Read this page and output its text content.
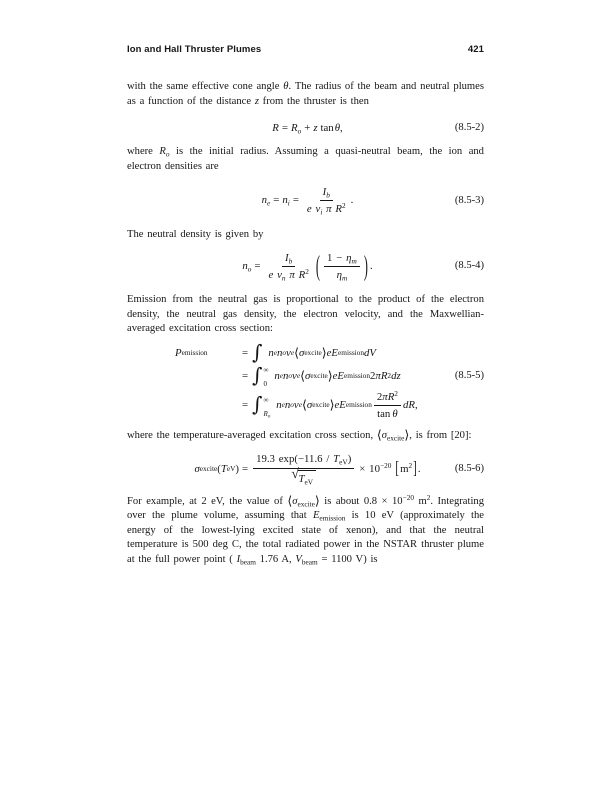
Ion and Hall Thruster Plumes	421

with the same effective cone angle θ. The radius of the beam and neutral plumes as a function of the distance z from the thruster is then

$R = R_o + z$ tan θ ,	(8.5-2)

where $R_o$ is the initial radius. Assuming a quasi-neutral beam, the ion and electron densities are

$n_e = n_i = \frac{I_b}{e v_i \pi R^2}$ .	(8.5-3)

The neutral density is given by

$n_o = \frac{I_b}{e v_n \pi R^2}$ ( $\frac{1 - \eta_m}{\eta_m}$ ) .	(8.5-4)

Emission from the neutral gas is proportional to the product of the electron density, the neutral gas density, the electron velocity, and the Maxwellian-averaged excitation cross section:

P emission	= ∫
n e n o v e ⟨ σ excite ⟩ e E emission dV
= ∫ ∞
0

n e n o v e ⟨ σ excite ⟩ e E emission 2 π R 2 dz	(8.5-5)
= ∫ ∞
$R_o$

n e n o v e ⟨ σ excite ⟩ e E emission $\frac{2\pi R^2}{\text{tan θ}}$ dR ,

where the temperature-averaged excitation cross section, $⟨\sigma_{excite}⟩$, is from [20]:

σ excite ( T eV ) = $\frac{19.3 \exp(-11.6 / T_{eV})}{√ T_{eV}} \times 10^{-20}$ [ $m^2$ ] .	(8.5-6)

For example, at 2 eV, the value of $⟨\sigma_{excite}⟩$ is about $0.8 \times 10^{-20}$ $m^2$. Integrating over the plume volume, assuming that $E_{emission}$ is 10 eV (approximately the energy of the lowest-lying excited state of xenon), and that the neutral temperature is 500 deg C, the total radiated power in the NSTAR thruster plume at the full power point ( $I_{beam}$ 1.76 A, $V_{beam} = 1100$ V) is
